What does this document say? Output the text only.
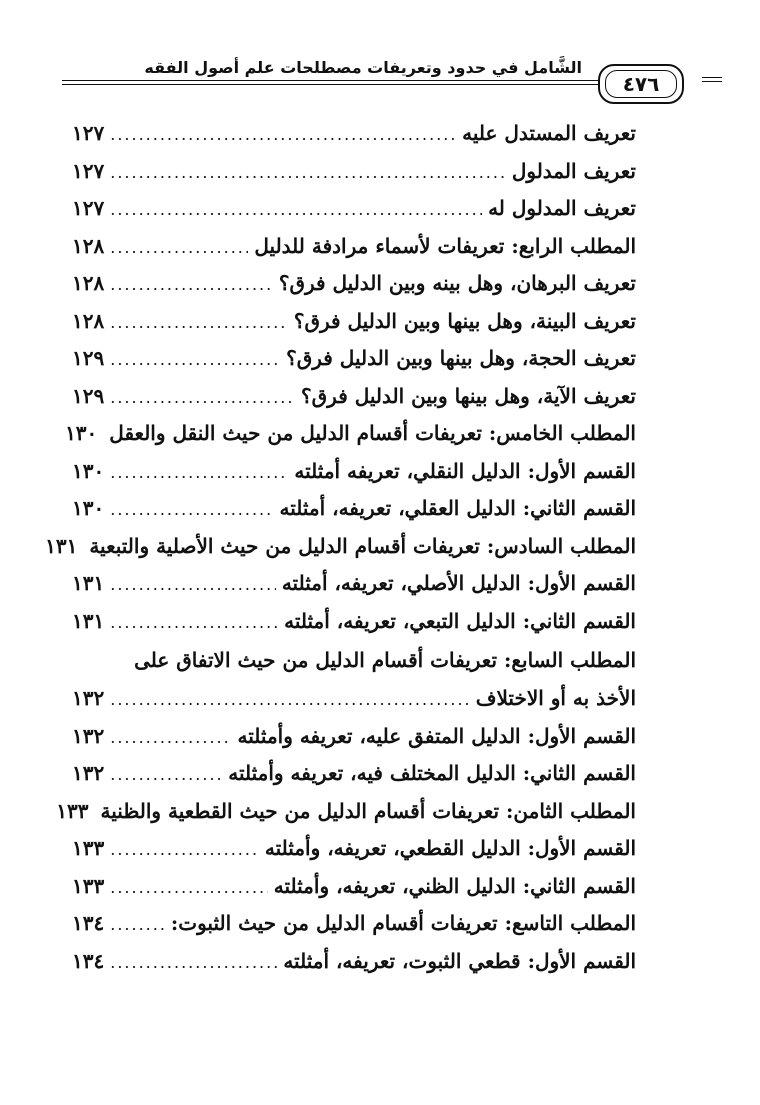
الشَّامل في حدود وتعريفات مصطلحات علم أصول الفقه
٤٧٦
تعريف المستدل عليه
.....
١٢٧
تعريف المدلول
.....
١٢٧
تعريف المدلول له
.....
١٢٧
المطلب الرابع: تعريفات لأسماء مرادفة للدليل
.....
١٢٨
تعريف البرهان، وهل بينه وبين الدليل فرق؟
.....
١٢٨
تعريف البينة، وهل بينها وبين الدليل فرق؟
.....
١٢٨
تعريف الحجة، وهل بينها وبين الدليل فرق؟
.....
١٢٩
تعريف الآية، وهل بينها وبين الدليل فرق؟
.....
١٢٩
المطلب الخامس: تعريفات أقسام الدليل من حيث النقل والعقل
١٣٠
القسم الأول: الدليل النقلي، تعريفه أمثلته
.....
١٣٠
القسم الثاني: الدليل العقلي، تعريفه، أمثلته
.....
١٣٠
المطلب السادس: تعريفات أقسام الدليل من حيث الأصلية والتبعية
١٣١
القسم الأول: الدليل الأصلي، تعريفه، أمثلته
.....
١٣١
القسم الثاني: الدليل التبعي، تعريفه، أمثلته
.....
١٣١
المطلب السابع: تعريفات أقسام الدليل من حيث الاتفاق على
الأخذ به أو الاختلاف
.....
١٣٢
القسم الأول: الدليل المتفق عليه، تعريفه وأمثلته
.....
١٣٢
القسم الثاني: الدليل المختلف فيه، تعريفه وأمثلته
.....
١٣٢
المطلب الثامن: تعريفات أقسام الدليل من حيث القطعية والظنية
١٣٣
القسم الأول: الدليل القطعي، تعريفه، وأمثلته
.....
١٣٣
القسم الثاني: الدليل الظني، تعريفه، وأمثلته
.....
١٣٣
المطلب التاسع: تعريفات أقسام الدليل من حيث الثبوت:
.....
١٣٤
القسم الأول: قطعي الثبوت، تعريفه، أمثلته
.....
١٣٤
